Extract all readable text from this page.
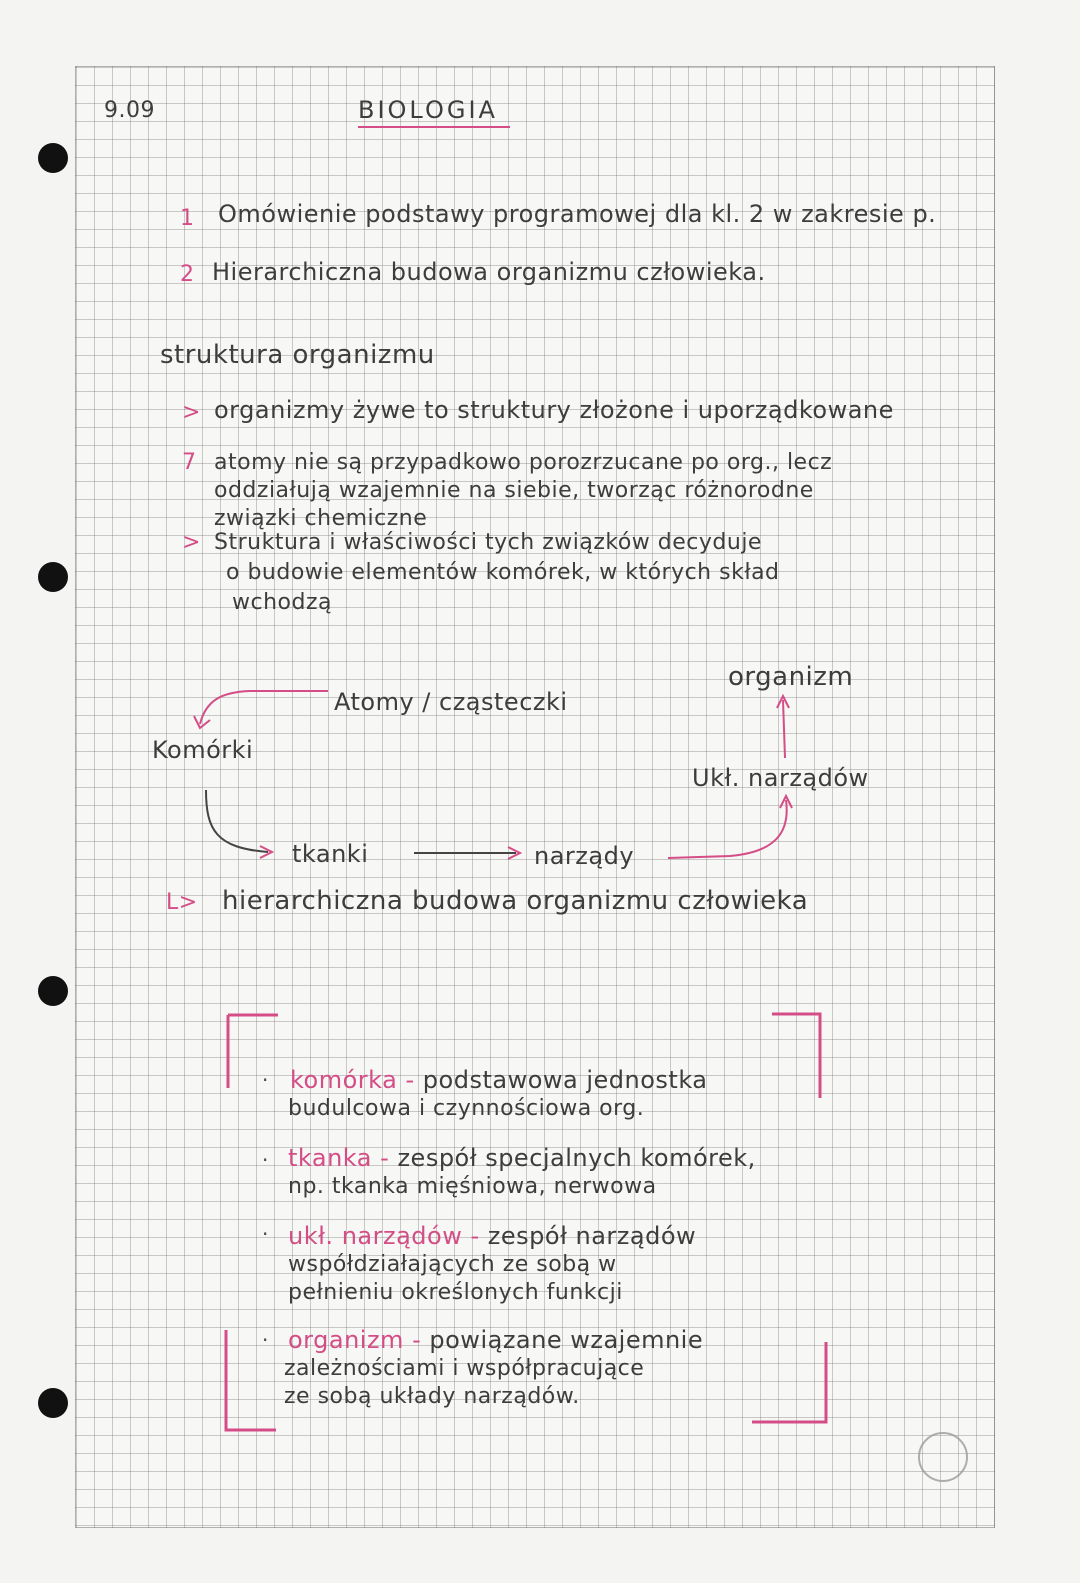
9.09	BIOLOGIA
1 Omówienie podstawy programowej dla kl. 2 w zakresie p.
2 Hierarchiczna budowa organizmu człowieka.
struktura organizmu
> organizmy żywe to struktury złożone i uporządkowane
7 atomy nie są przypadkowo porozrzucane po org., lecz
oddziałują wzajemnie na siebie, tworząc różnorodne
związki chemiczne
> Struktura i właściwości tych związków decyduje
o budowie elementów komórek, w których skład
wchodzą
Atomy / cząsteczki
Komórki
tkanki	narządy
Ukł. narządów
organizm
L> hierarchiczna budowa organizmu człowieka
· komórka - podstawowa jednostka
budulcowa i czynnościowa org.
· tkanka - zespół specjalnych komórek,
np. tkanka mięśniowa, nerwowa
· ukł. narządów - zespół narządów
współdziałających ze sobą w
pełnieniu określonych funkcji
· organizm - powiązane wzajemnie
zależnościami i współpracujące
ze sobą układy narządów.
